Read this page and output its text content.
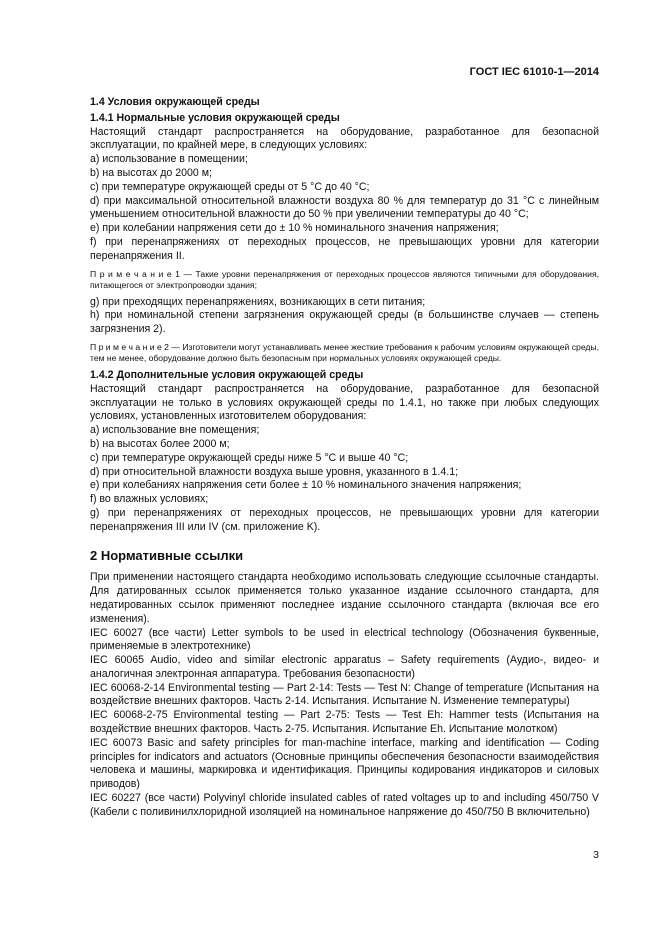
ГОСТ IEC 61010-1—2014

1.4 Условия окружающей среды

1.4.1 Нормальные условия окружающей среды

Настоящий стандарт распространяется на оборудование, разработанное для безопасной эксплуатации, по крайней мере, в следующих условиях:

a) использование в помещении;

b) на высотах до 2000 м;

c) при температуре окружающей среды от 5 °С до 40 °С;

d) при максимальной относительной влажности воздуха 80 % для температур до 31 °С с линейным уменьшением относительной влажности до 50 % при увеличении температуры до 40 °С;

e) при колебании напряжения сети до ± 10 % номинального значения напряжения;

f) при перенапряжениях от переходных процессов, не превышающих уровни для категории перенапряжения II.

П р и м е ч а н и е 1 — Такие уровни перенапряжения от переходных процессов являются типичными для оборудования, питающегося от электропроводки здания;

g) при преходящих перенапряжениях, возникающих в сети питания;

h) при номинальной степени загрязнения окружающей среды (в большинстве случаев — степень загрязнения 2).

П р и м е ч а н и е 2 — Изготовители могут устанавливать менее жесткие требования к рабочим условиям окружающей среды, тем не менее, оборудование должно быть безопасным при нормальных условиях окружающей среды.

1.4.2 Дополнительные условия окружающей среды

Настоящий стандарт распространяется на оборудование, разработанное для безопасной эксплуатации не только в условиях окружающей среды по 1.4.1, но также при любых следующих условиях, установленных изготовителем оборудования:

a) использование вне помещения;

b) на высотах более 2000 м;

c) при температуре окружающей среды ниже 5 °С и выше 40 °С;

d) при относительной влажности воздуха выше уровня, указанного в 1.4.1;

e) при колебаниях напряжения сети более ± 10 % номинального значения напряжения;

f) во влажных условиях;

g) при перенапряжениях от переходных процессов, не превышающих уровни для категории перенапряжения III или IV (см. приложение K).

2 Нормативные ссылки

При применении настоящего стандарта необходимо использовать следующие ссылочные стандарты. Для датированных ссылок применяется только указанное издание ссылочного стандарта, для недатированных ссылок применяют последнее издание ссылочного стандарта (включая все его изменения).

IEC 60027 (все части) Letter symbols to be used in electrical technology (Обозначения буквенные, применяемые в электротехнике)

IEC 60065 Audio, video and similar electronic apparatus – Safety requirements (Аудио-, видео- и аналогичная электронная аппаратура. Требования безопасности)

IEC 60068-2-14 Environmental testing — Part 2-14: Tests — Test N: Change of temperature (Испытания на воздействие внешних факторов. Часть 2-14. Испытания. Испытание N. Изменение температуры)

IEC 60068-2-75 Environmental testing — Part 2-75: Tests — Test Eh: Hammer tests (Испытания на воздействие внешних факторов. Часть 2-75. Испытания. Испытание Eh. Испытание молотком)

IEC 60073 Basic and safety principles for man-machine interface, marking and identification — Coding principles for indicators and actuators (Основные принципы обеспечения безопасности взаимодействия человека и машины, маркировка и идентификация. Принципы кодирования индикаторов и силовых приводов)

IEC 60227 (все части) Polyvinyl chloride insulated cables of rated voltages up to and including 450/750 V (Кабели с поливинилхлоридной изоляцией на номинальное напряжение до 450/750 В включительно)

3
